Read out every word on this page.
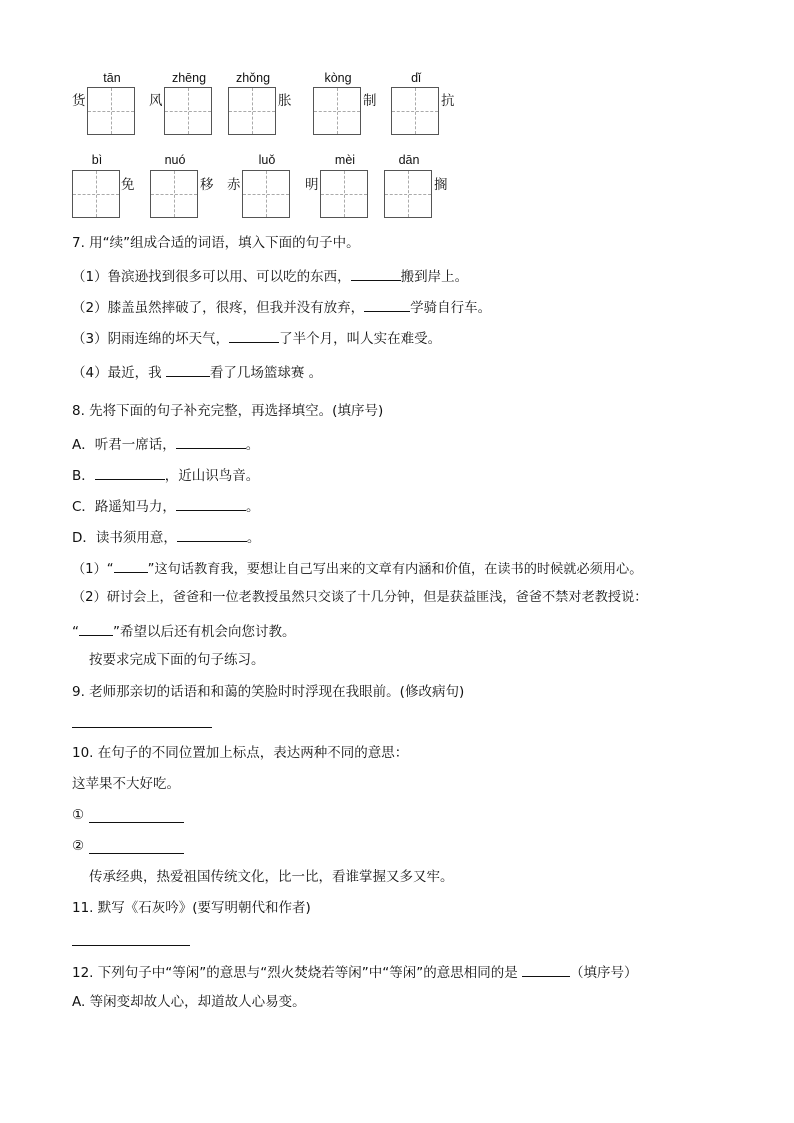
tān	zhēng	zhǒng	kòng	dǐ
货	风	胀	制	抗
bì	nuó	luǒ	mèi	dān
免	移 赤	明	搁
7. 用“续”组成合适的词语，填入下面的句子中。
（1）鲁滨逊找到很多可以用、可以吃的东西，	搬到岸上。
（2）膝盖虽然摔破了，很疼，但我并没有放弃，	学骑自行车。
（3）阴雨连绵的坏天气，	了半个月，叫人实在难受。
（4）最近，我	看了几场篮球赛 。
8. 先将下面的句子补充完整，再选择填空。(填序号)
A．听君一席话，	。
B．	，近山识鸟音。
C．路遥知马力，	。
D．读书须用意，	。
（1）“	”这句话教育我，要想让自己写出来的文章有内涵和价值，在读书的时候就必须用心。
（2）研讨会上，爸爸和一位老教授虽然只交谈了十几分钟，但是获益匪浅，爸爸不禁对老教授说：
“	”希望以后还有机会向您讨教。
按要求完成下面的句子练习。
9. 老师那亲切的话语和和蔼的笑脸时时浮现在我眼前。(修改病句)
10. 在句子的不同位置加上标点，表达两种不同的意思：
这苹果不大好吃。
①
②
传承经典，热爱祖国传统文化，比一比，看谁掌握又多又牢。
11. 默写《石灰吟》(要写明朝代和作者)
12. 下列句子中“等闲”的意思与“烈火焚烧若等闲”中“等闲”的意思相同的是	（填序号）
A. 等闲变却故人心，却道故人心易变。
